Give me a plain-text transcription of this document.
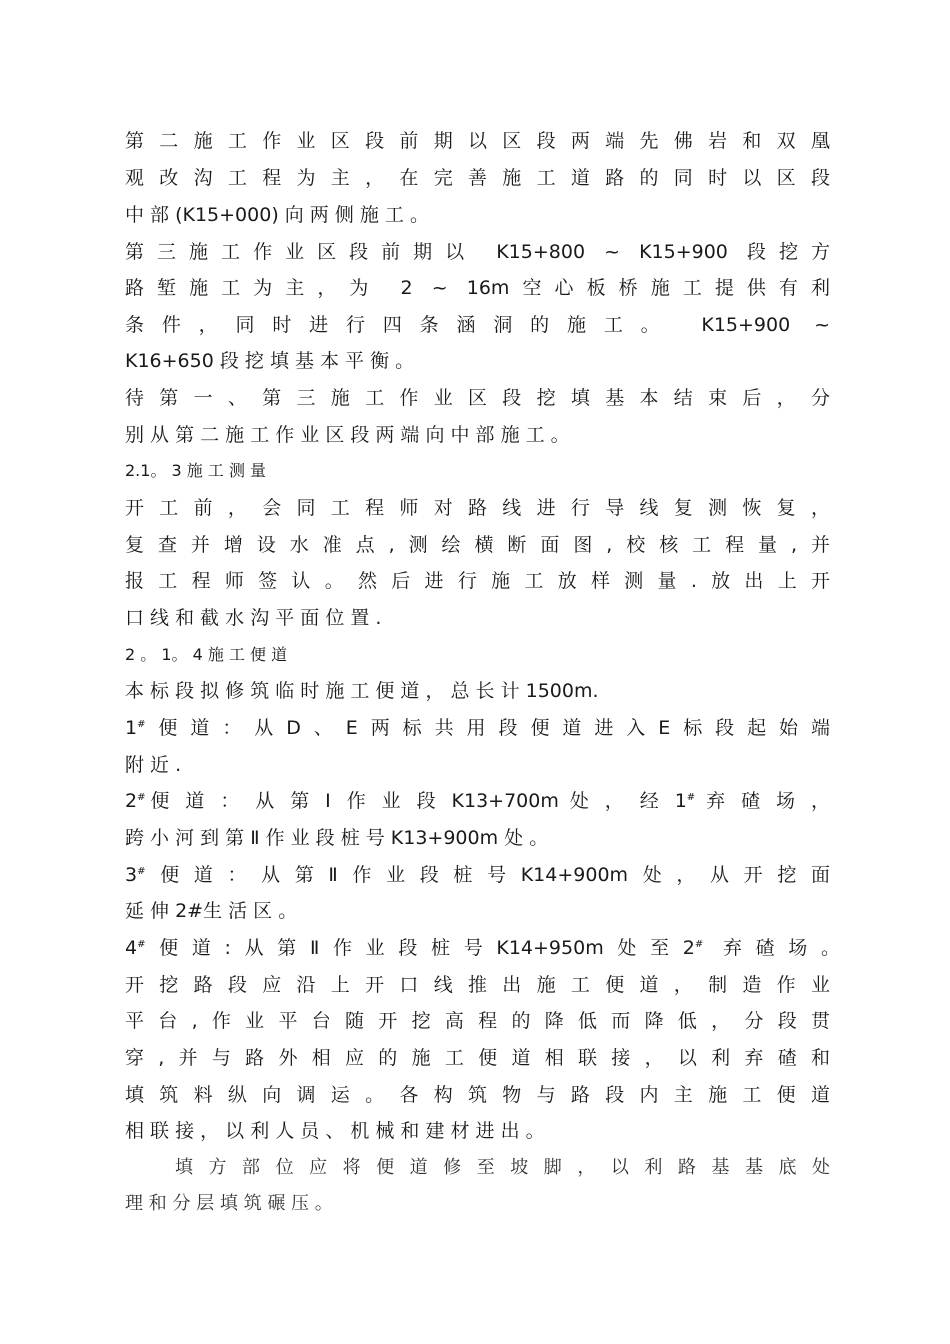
第二施工作业区段前期以区段两端先佛岩和双凰
观改沟工程为主，在完善施工道路的同时以区段
中 部 (K15+000) 向 两 侧 施 工 。
第三施工作业区段前期以 K15+800 ~ K15+900 段挖方
路堑施工为主，为 2 ~ 16m空心板桥施工提供有利
条件，同时进行四条涵洞的施工。 K15+900 ~
K16+650 段 挖 填 基 本 平 衡 。
待第一、第三施工作业区段挖填基本结束后，分
别 从 第 二 施 工 作 业 区 段 两 端 向 中 部 施 工 。
2.1。 3 施 工 测 量
开工前，会同工程师对路线进行导线复测恢复，
复查并增设水准点,测绘横断面图,校核工程量,并
报工程师签认。然后进行施工放样测量.放出上开
口 线 和 截 水 沟 平 面 位 置 .
2 。 1。 4 施 工 便 道
本 标 段 拟 修 筑 临 时 施 工 便 道 ， 总 长 计 1500m.
1#便道：从D、E两标共用段便道进入E标段起始端
附 近 .
2#便 道 ： 从 第 Ⅰ 作 业 段 K13+700m 处 ， 经 1# 弃 碴 场 ，
跨 小 河 到 第 Ⅱ 作 业 段 桩 号 K13+900m 处 。
3#便道：从第Ⅱ作业段桩号K14+900m处，从开挖面
延 伸 2#生 活 区 。
4#便道:从第Ⅱ作业段桩号K14+950m处至2# 弃碴场。
开挖路段应沿上开口线推出施工便道，制造作业
平台,作业平台随开挖高程的降低而降低，分段贯
穿,并与路外相应的施工便道相联接，以利弃碴和
填筑料纵向调运。各构筑物与路段内主施工便道
相 联 接 ， 以 利 人 员 、 机 械 和 建 材 进 出 。
填方部位应将便道修至坡脚，以利路基基底处
理 和 分 层 填 筑 碾 压 。
